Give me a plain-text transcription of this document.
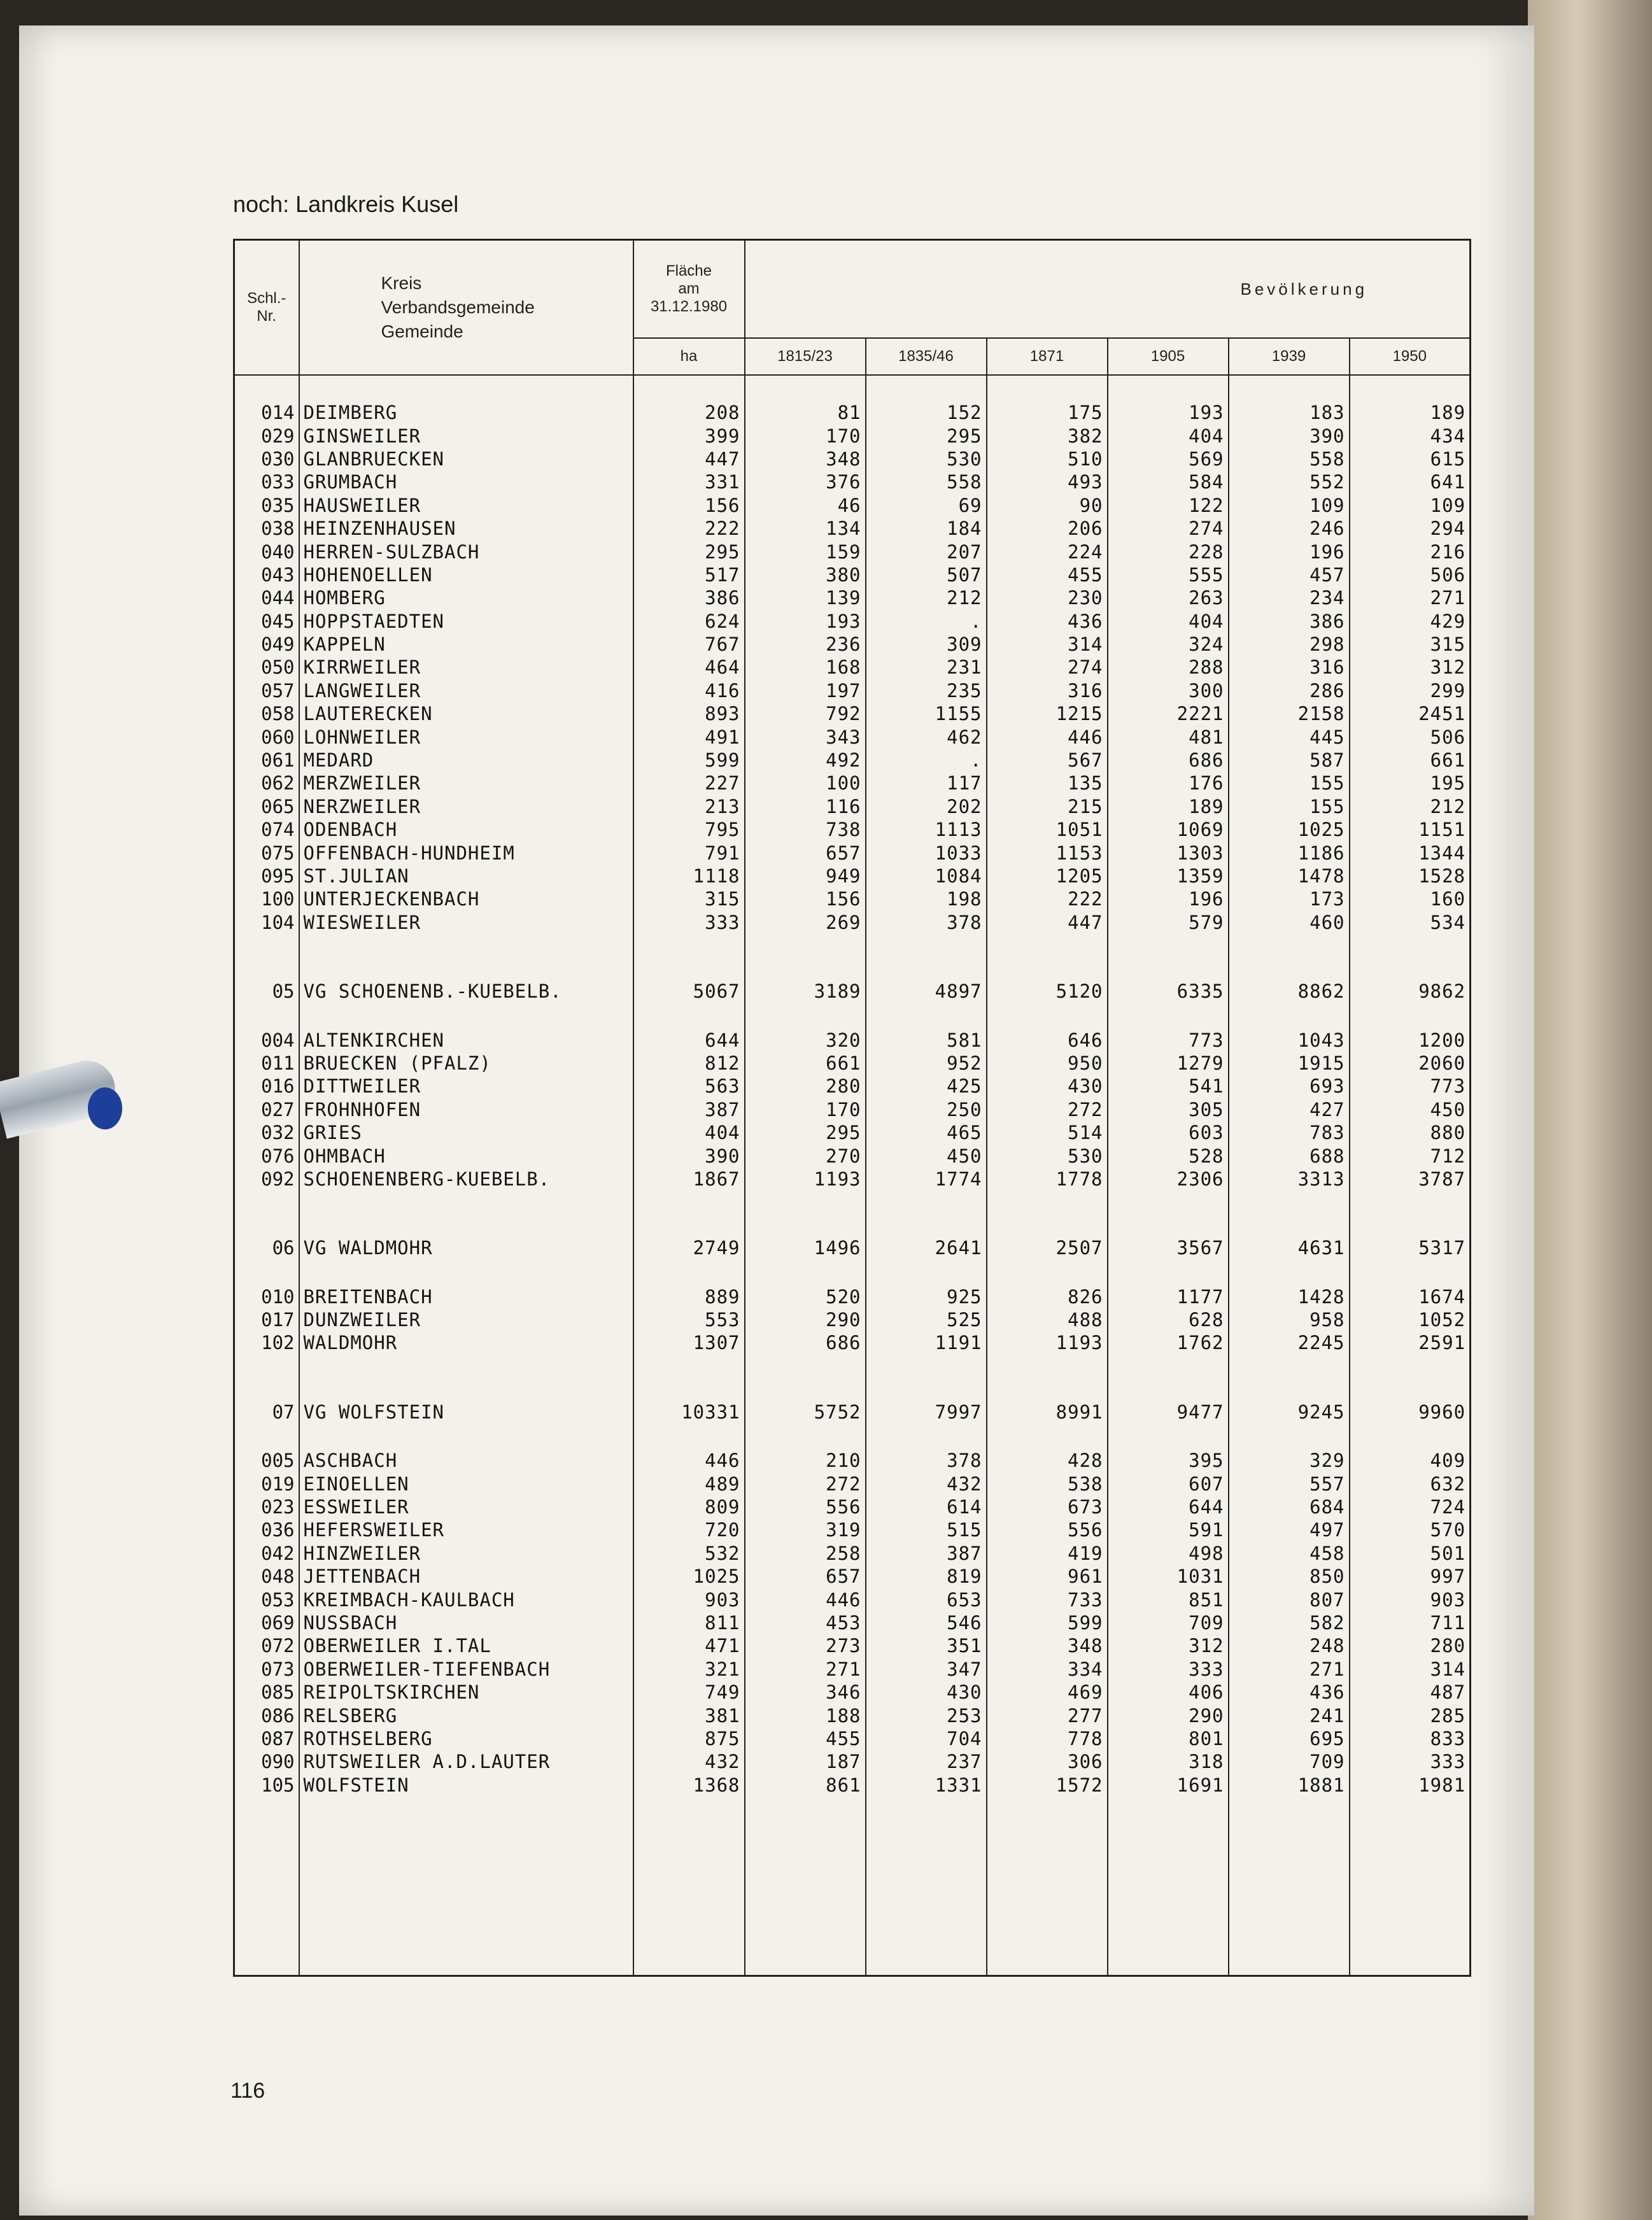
noch: Landkreis Kusel
Schl.-
Nr.	Kreis
Verbandsgemeinde
Gemeinde	Fläche
am
31.12.1980	Bevölkerung					
		ha	1815/23	1835/46	1871	1905	1939	1950

014	DEIMBERG	208	81	152	175	193	183	189
029	GINSWEILER	399	170	295	382	404	390	434
030	GLANBRUECKEN	447	348	530	510	569	558	615
033	GRUMBACH	331	376	558	493	584	552	641
035	HAUSWEILER	156	46	69	90	122	109	109
038	HEINZENHAUSEN	222	134	184	206	274	246	294
040	HERREN-SULZBACH	295	159	207	224	228	196	216
043	HOHENOELLEN	517	380	507	455	555	457	506
044	HOMBERG	386	139	212	230	263	234	271
045	HOPPSTAEDTEN	624	193	.	436	404	386	429
049	KAPPELN	767	236	309	314	324	298	315
050	KIRRWEILER	464	168	231	274	288	316	312
057	LANGWEILER	416	197	235	316	300	286	299
058	LAUTERECKEN	893	792	1155	1215	2221	2158	2451
060	LOHNWEILER	491	343	462	446	481	445	506
061	MEDARD	599	492	.	567	686	587	661
062	MERZWEILER	227	100	117	135	176	155	195
065	NERZWEILER	213	116	202	215	189	155	212
074	ODENBACH	795	738	1113	1051	1069	1025	1151
075	OFFENBACH-HUNDHEIM	791	657	1033	1153	1303	1186	1344
095	ST.JULIAN	1118	949	1084	1205	1359	1478	1528
100	UNTERJECKENBACH	315	156	198	222	196	173	160
104	WIESWEILER	333	269	378	447	579	460	534

05	VG SCHOENENB.-KUEBELB.	5067	3189	4897	5120	6335	8862	9862

004	ALTENKIRCHEN	644	320	581	646	773	1043	1200
011	BRUECKEN (PFALZ)	812	661	952	950	1279	1915	2060
016	DITTWEILER	563	280	425	430	541	693	773
027	FROHNHOFEN	387	170	250	272	305	427	450
032	GRIES	404	295	465	514	603	783	880
076	OHMBACH	390	270	450	530	528	688	712
092	SCHOENENBERG-KUEBELB.	1867	1193	1774	1778	2306	3313	3787

06	VG WALDMOHR	2749	1496	2641	2507	3567	4631	5317

010	BREITENBACH	889	520	925	826	1177	1428	1674
017	DUNZWEILER	553	290	525	488	628	958	1052
102	WALDMOHR	1307	686	1191	1193	1762	2245	2591

07	VG WOLFSTEIN	10331	5752	7997	8991	9477	9245	9960

005	ASCHBACH	446	210	378	428	395	329	409
019	EINOELLEN	489	272	432	538	607	557	632
023	ESSWEILER	809	556	614	673	644	684	724
036	HEFERSWEILER	720	319	515	556	591	497	570
042	HINZWEILER	532	258	387	419	498	458	501
048	JETTENBACH	1025	657	819	961	1031	850	997
053	KREIMBACH-KAULBACH	903	446	653	733	851	807	903
069	NUSSBACH	811	453	546	599	709	582	711
072	OBERWEILER I.TAL	471	273	351	348	312	248	280
073	OBERWEILER-TIEFENBACH	321	271	347	334	333	271	314
085	REIPOLTSKIRCHEN	749	346	430	469	406	436	487
086	RELSBERG	381	188	253	277	290	241	285
087	ROTHSELBERG	875	455	704	778	801	695	833
090	RUTSWEILER A.D.LAUTER	432	187	237	306	318	709	333
105	WOLFSTEIN	1368	861	1331	1572	1691	1881	1981

116
